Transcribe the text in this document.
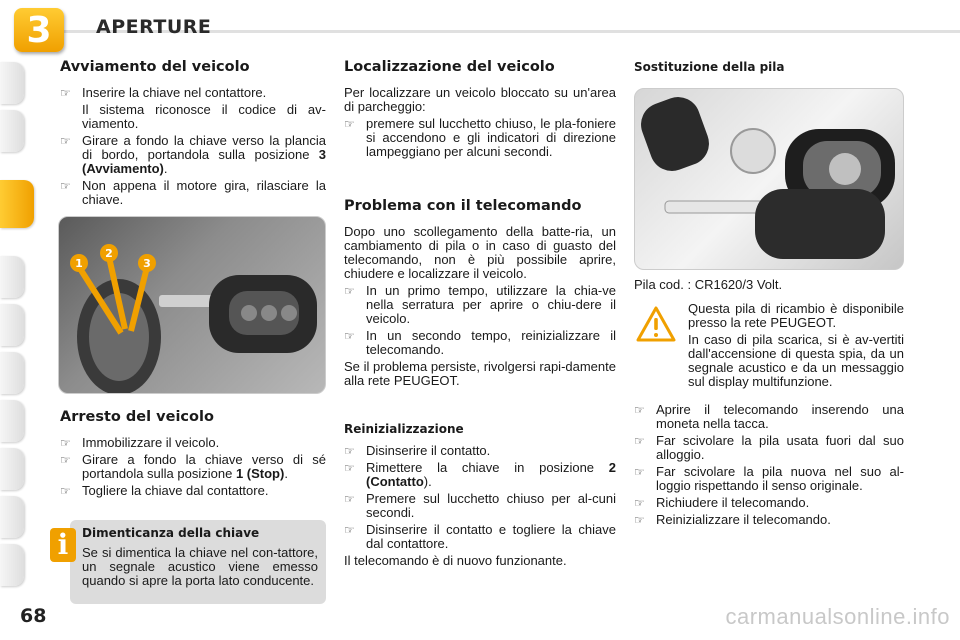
3 APERTURE
Avviamento del veicolo
☞ Inserire la chiave nel contattore.
Il sistema riconosce il codice di av-viamento.
☞ Girare a fondo la chiave verso la plancia di bordo, portandola sulla posizione 3 (Avviamento).
☞ Non appena il motore gira, rilasciare la chiave.
1
2
3
Arresto del veicolo
☞ Immobilizzare il veicolo.
☞ Girare a fondo la chiave verso di sé portandola sulla posizione 1 (Stop).
☞ Togliere la chiave dal contattore.
Dimenticanza della chiave

Se si dimentica la chiave nel con-tattore, un segnale acustico viene emesso quando si apre la porta lato conducente.

i
Localizzazione del veicolo

Per localizzare un veicolo bloccato su un'area di parcheggio:

☞ premere sul lucchetto chiuso, le pla-foniere si accendono e gli indicatori di direzione lampeggiano per alcuni secondi.
Problema con il telecomando

Dopo uno scollegamento della batte-ria, un cambiamento di pila o in caso di guasto del telecomando, non è più possibile aprire, chiudere e localizzare il veicolo.

☞ In un primo tempo, utilizzare la chia-ve nella serratura per aprire o chiu-dere il veicolo.
☞ In un secondo tempo, reinizializzare il telecomando.

Se il problema persiste, rivolgersi rapi-damente alla rete PEUGEOT.

Reinizializzazione
☞ Disinserire il contatto.
☞ Rimettere la chiave in posizione 2 (Contatto).
☞ Premere sul lucchetto chiuso per al-cuni secondi.
☞ Disinserire il contatto e togliere la chiave dal contattore.

Il telecomando è di nuovo funzionante.

Sostituzione della pila

Pila cod. : CR1620/3 Volt.

Questa pila di ricambio è disponibile presso la rete PEUGEOT.

In caso di pila scarica, si è av-vertiti dall'accensione di questa spia, da un segnale acustico e da un messaggio sul display multifunzione.

☞ Aprire il telecomando inserendo una moneta nella tacca.
☞ Far scivolare la pila usata fuori dal suo alloggio.
☞ Far scivolare la pila nuova nel suo al-loggio rispettando il senso originale.
☞ Richiudere il telecomando.
☞ Reinizializzare il telecomando.
68	carmanualsonline.info
